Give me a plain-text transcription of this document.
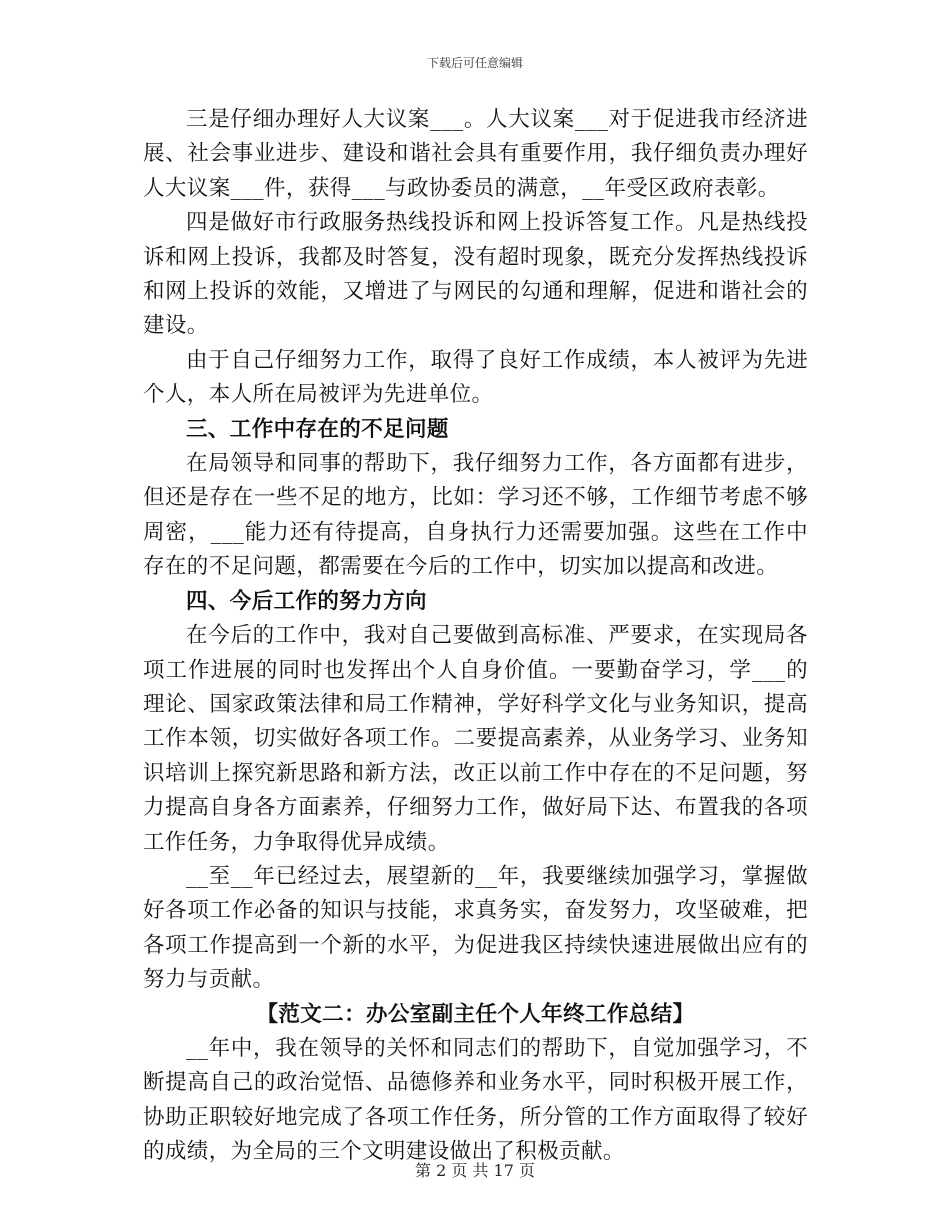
下载后可任意编辑

三是仔细办理好人大议案___。人大议案___对于促进我市经济进展、社会事业进步、建设和谐社会具有重要作用，我仔细负责办理好人大议案___件，获得___与政协委员的满意，__年受区政府表彰。

四是做好市行政服务热线投诉和网上投诉答复工作。凡是热线投诉和网上投诉，我都及时答复，没有超时现象，既充分发挥热线投诉和网上投诉的效能，又增进了与网民的勾通和理解，促进和谐社会的建设。

由于自己仔细努力工作，取得了良好工作成绩，本人被评为先进个人，本人所在局被评为先进单位。

三、工作中存在的不足问题

在局领导和同事的帮助下，我仔细努力工作，各方面都有进步，但还是存在一些不足的地方，比如：学习还不够，工作细节考虑不够周密，___能力还有待提高，自身执行力还需要加强。这些在工作中存在的不足问题，都需要在今后的工作中，切实加以提高和改进。

四、今后工作的努力方向

在今后的工作中，我对自己要做到高标准、严要求，在实现局各项工作进展的同时也发挥出个人自身价值。一要勤奋学习，学___的理论、国家政策法律和局工作精神，学好科学文化与业务知识，提高工作本领，切实做好各项工作。二要提高素养，从业务学习、业务知识培训上探究新思路和新方法，改正以前工作中存在的不足问题，努力提高自身各方面素养，仔细努力工作，做好局下达、布置我的各项工作任务，力争取得优异成绩。

__至__年已经过去，展望新的__年，我要继续加强学习，掌握做好各项工作必备的知识与技能，求真务实，奋发努力，攻坚破难，把各项工作提高到一个新的水平，为促进我区持续快速进展做出应有的努力与贡献。

【范文二：办公室副主任个人年终工作总结】

__年中，我在领导的关怀和同志们的帮助下，自觉加强学习，不断提高自己的政治觉悟、品德修养和业务水平，同时积极开展工作，协助正职较好地完成了各项工作任务，所分管的工作方面取得了较好的成绩，为全局的三个文明建设做出了积极贡献。

第 2 页 共 17 页
